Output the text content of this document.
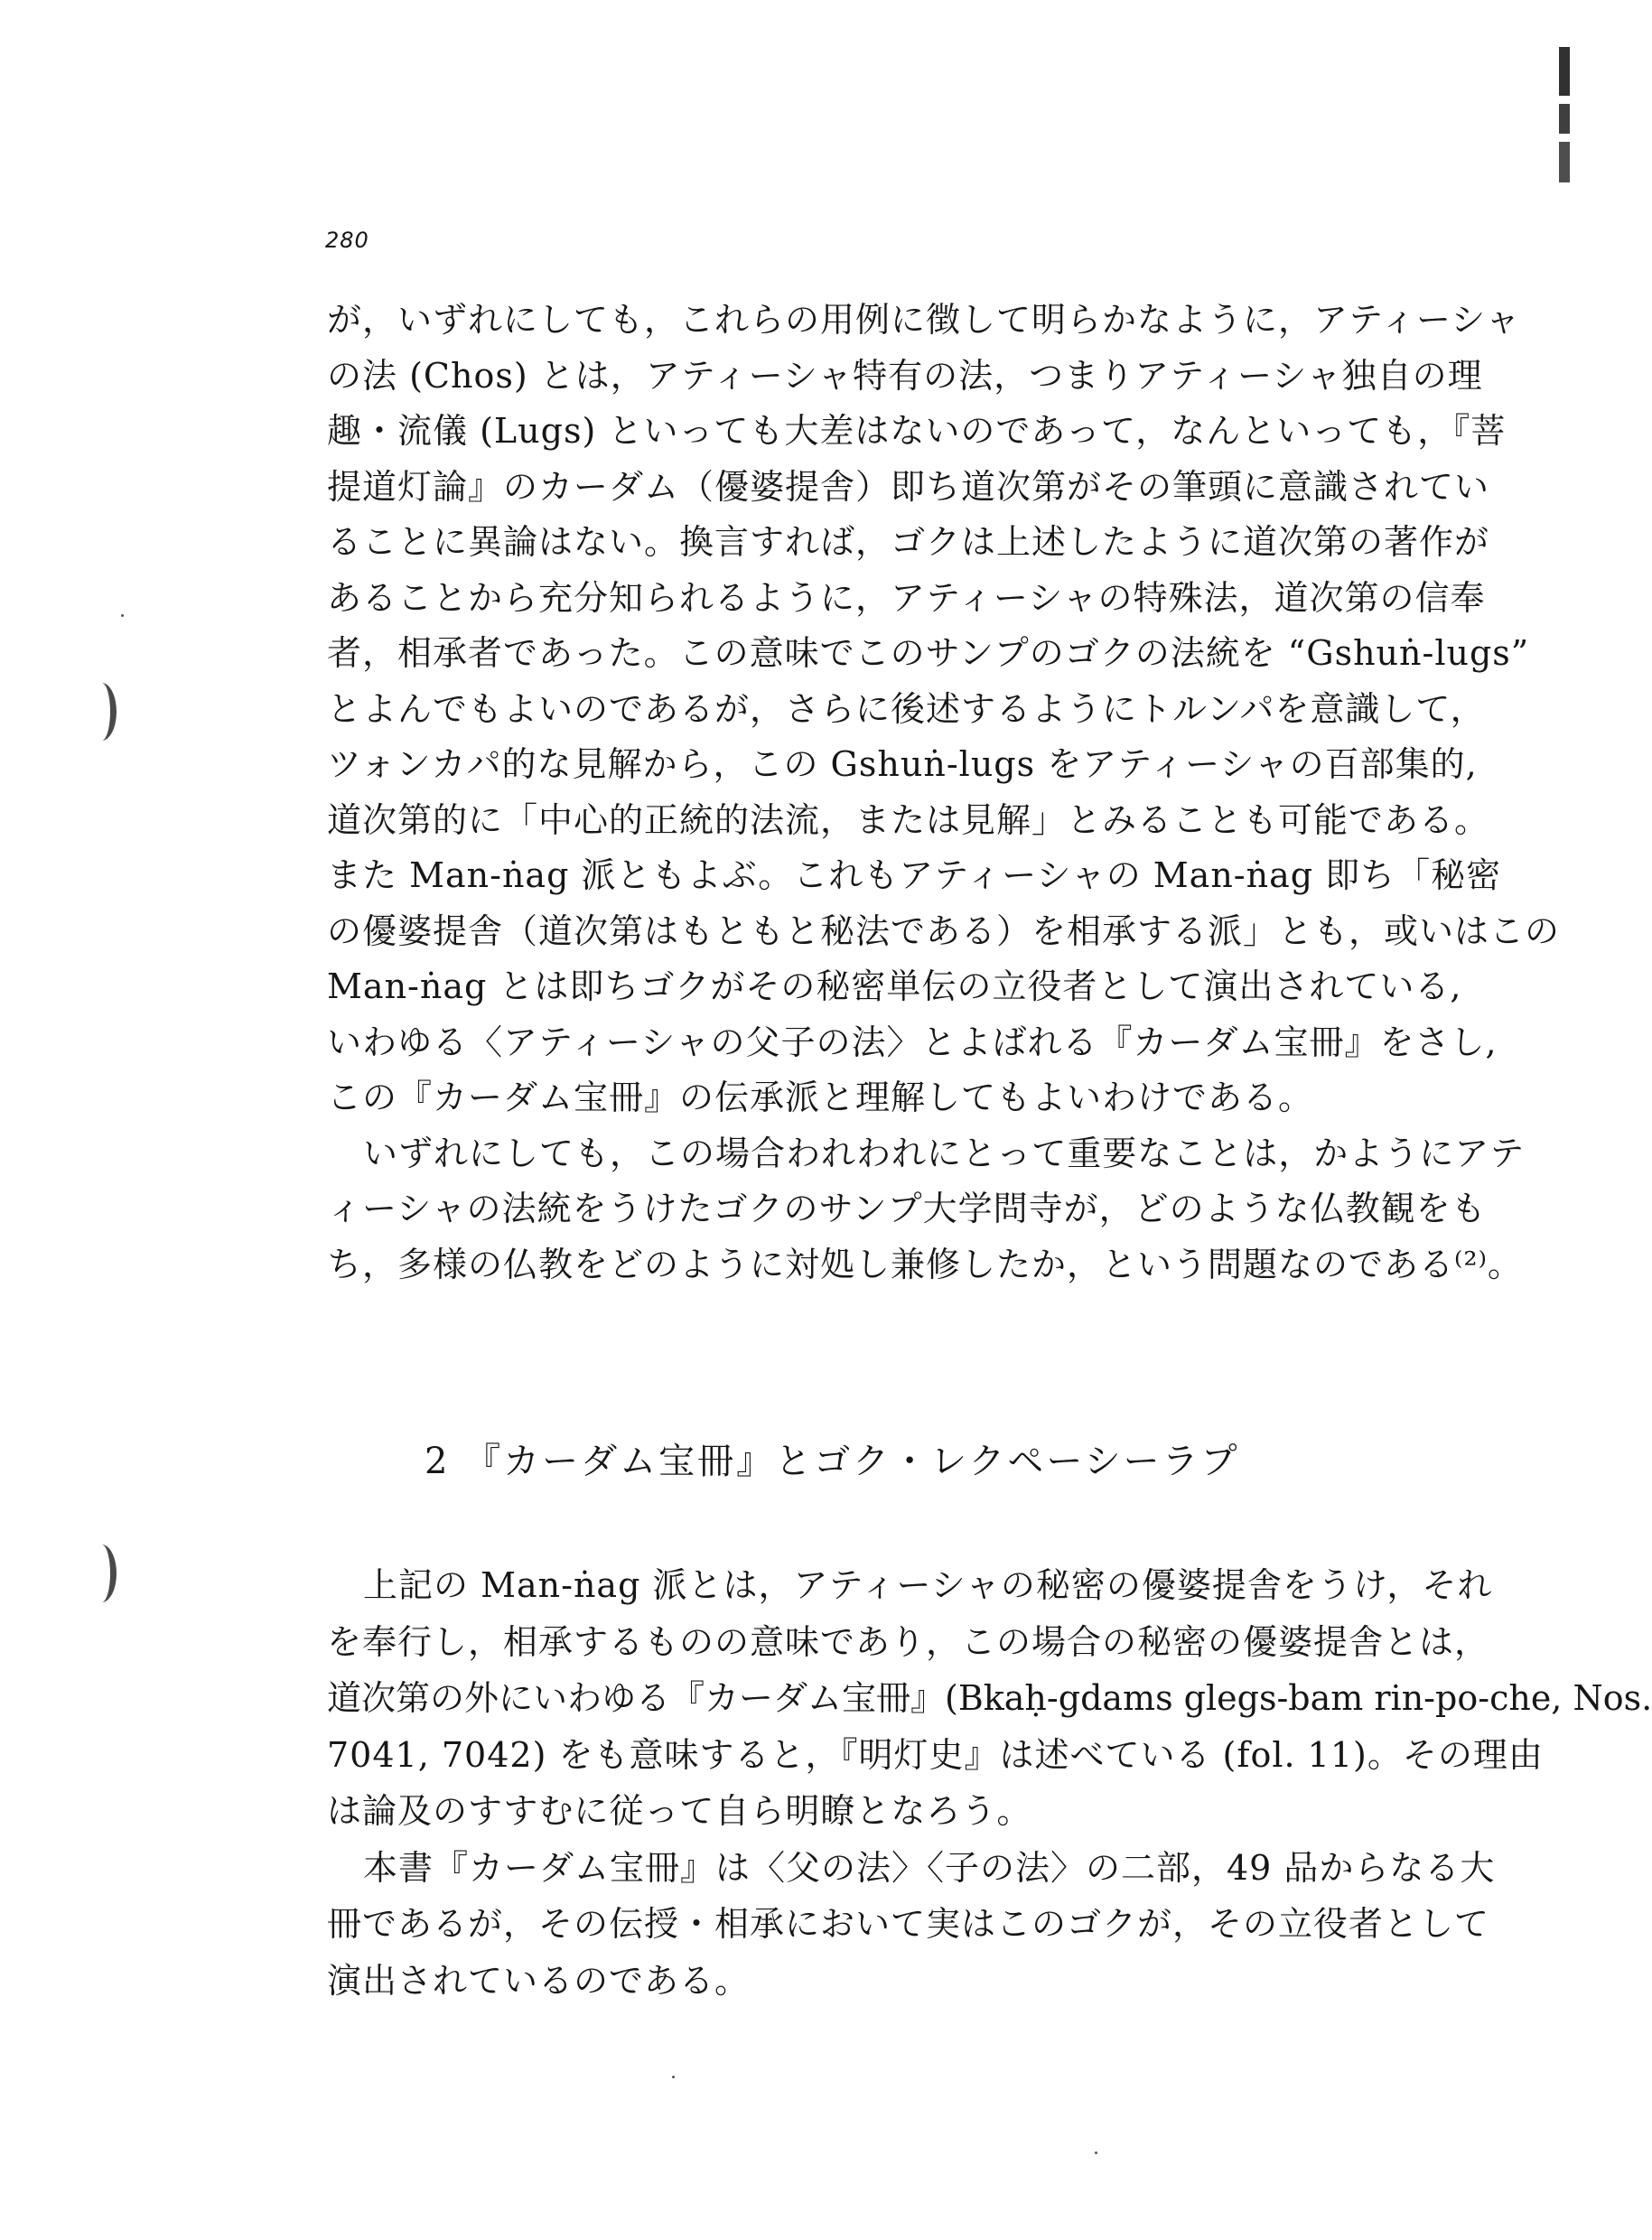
280
が，いずれにしても，これらの用例に徴して明らかなように，アティーシャ
の法 (Chos) とは，アティーシャ特有の法，つまりアティーシャ独自の理
趣・流儀 (Lugs) といっても大差はないのであって，なんといっても，『菩
提道灯論』のカーダム（優婆提舎）即ち道次第がその筆頭に意識されてい
ることに異論はない。換言すれば，ゴクは上述したように道次第の著作が
あることから充分知られるように，アティーシャの特殊法，道次第の信奉
者，相承者であった。この意味でこのサンプのゴクの法統を “Gshuṅ-lugs”
とよんでもよいのであるが，さらに後述するようにトルンパを意識して，
ツォンカパ的な見解から，この Gshuṅ-lugs をアティーシャの百部集的,
道次第的に「中心的正統的法流，または見解」とみることも可能である。
また Man-ṅag 派ともよぶ。これもアティーシャの Man-ṅag 即ち「秘密
の優婆提舎（道次第はもともと秘法である）を相承する派」とも，或いはこの
Man-ṅag とは即ちゴクがその秘密単伝の立役者として演出されている,
いわゆる〈アティーシャの父子の法〉とよばれる『カーダム宝冊』をさし,
この『カーダム宝冊』の伝承派と理解してもよいわけである。
いずれにしても，この場合われわれにとって重要なことは，かようにアテ
ィーシャの法統をうけたゴクのサンプ大学問寺が，どのような仏教観をも
ち，多様の仏教をどのように対処し兼修したか，という問題なのである⁽²⁾。
2 『カーダム宝冊』とゴク・レクペーシーラプ
上記の Man-ṅag 派とは，アティーシャの秘密の優婆提舎をうけ，それ
を奉行し，相承するものの意味であり，この場合の秘密の優婆提舎とは，
道次第の外にいわゆる『カーダム宝冊』(Bkaḥ-gdams glegs-bam rin-po-che, Nos.
7041, 7042) をも意味すると，『明灯史』は述べている (fol. 11)。その理由
は論及のすすむに従って自ら明瞭となろう。
本書『カーダム宝冊』は〈父の法〉〈子の法〉の二部，49 品からなる大
冊であるが，その伝授・相承において実はこのゴクが，その立役者として
演出されているのである。
